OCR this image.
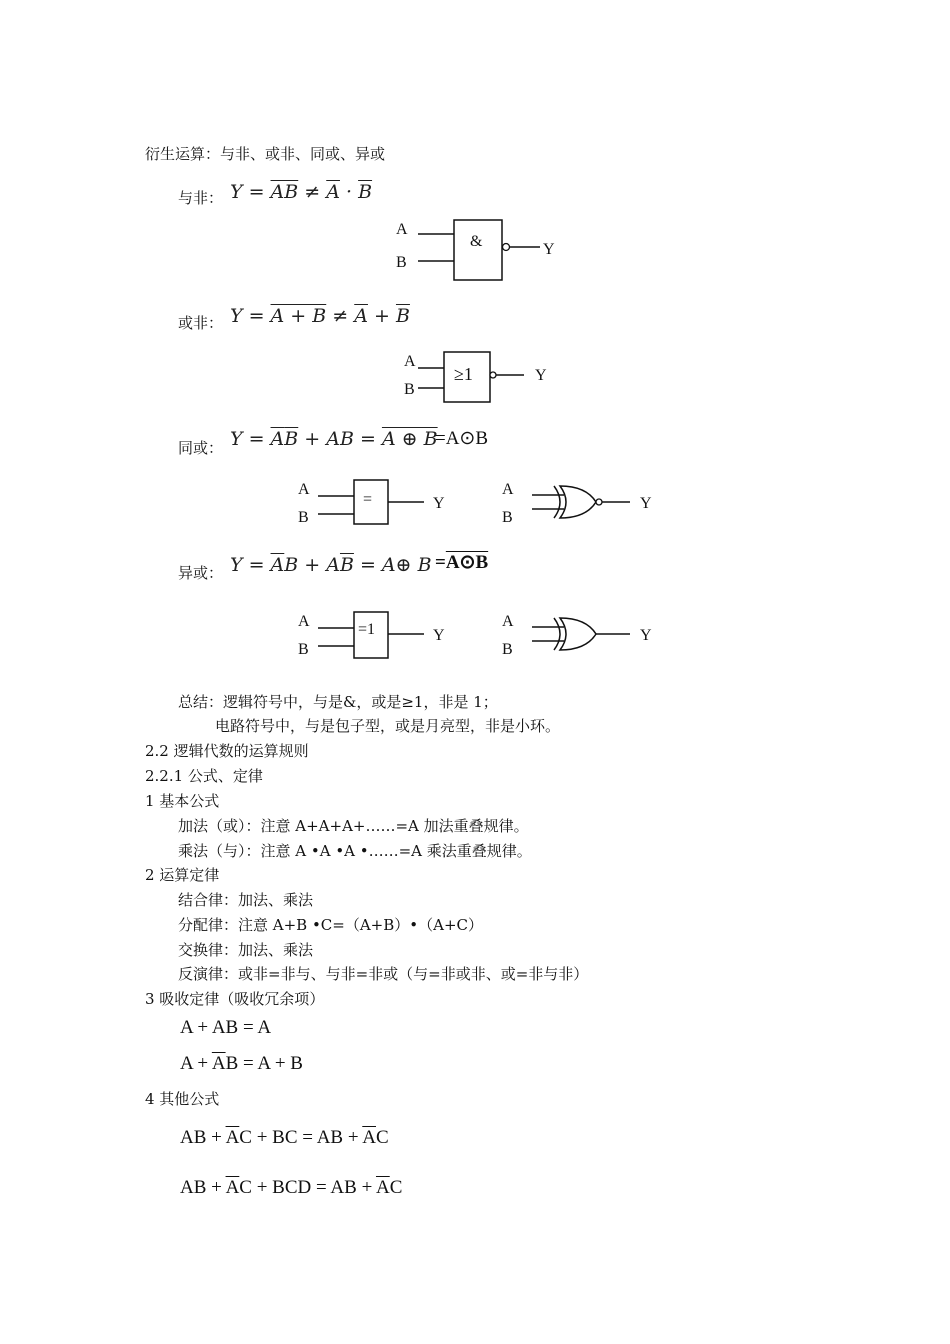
衍生运算：与非、或非、同或、异或
与非： $Y = \overline{AB} \ne \overline{A} \cdot \overline{B}$
A
B
&	Y
或非： $Y = A + B \ne \overline{A} + \overline{B}$
A
B
≥1	Y
同或： $Y = \overline{A}\overline{B}$ + AB = A ⊕ B
=A⊙B
A
B
=	Y
A
B
Y
异或： $Y = \overline{A}B + A\overline{B}$ = A⊕ B =A⊙B
A
B
=1	Y
A
B
Y
总结：逻辑符号中，与是&，或是≥1，非是 1；
电路符号中，与是包子型，或是月亮型，非是小环。
2.2 逻辑代数的运算规则
2.2.1 公式、定律
1 基本公式
加法（或）：注意 A+A+A+……=A 加法重叠规律。
乘法（与）：注意 A •A •A •……=A 乘法重叠规律。
2 运算定律
结合律：加法、乘法
分配律：注意 A+B •C=（A+B）•（A+C）
交换律：加法、乘法
反演律：或非=非与、与非=非或（与=非或非、或=非与非）
3 吸收定律（吸收冗余项）
A + AB = A
$A + \overline{A}B = A + B$
4 其他公式
AB + $\overline{A}C$ + BC = AB + $\overline{A}C$
AB + $\overline{A}C$ + BCD = AB + $\overline{A}C$
